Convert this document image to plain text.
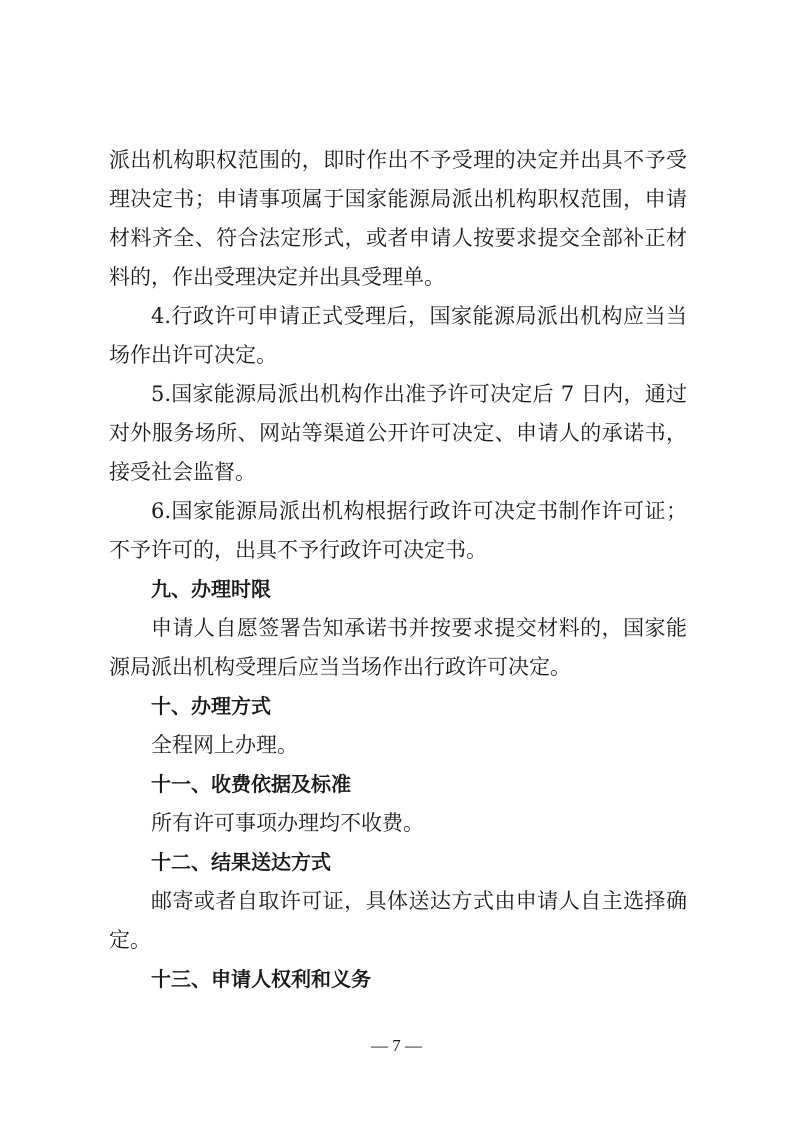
派出机构职权范围的，即时作出不予受理的决定并出具不予受
理决定书；申请事项属于国家能源局派出机构职权范围，申请
材料齐全、符合法定形式，或者申请人按要求提交全部补正材
料的，作出受理决定并出具受理单。
4.行政许可申请正式受理后，国家能源局派出机构应当当
场作出许可决定。
5.国家能源局派出机构作出准予许可决定后 7 日内，通过
对外服务场所、网站等渠道公开许可决定、申请人的承诺书，
接受社会监督。
6.国家能源局派出机构根据行政许可决定书制作许可证；
不予许可的，出具不予行政许可决定书。
九、办理时限
申请人自愿签署告知承诺书并按要求提交材料的，国家能
源局派出机构受理后应当当场作出行政许可决定。
十、办理方式
全程网上办理。
十一、收费依据及标准
所有许可事项办理均不收费。
十二、结果送达方式
邮寄或者自取许可证，具体送达方式由申请人自主选择确
定。
十三、申请人权利和义务
— 7 —
